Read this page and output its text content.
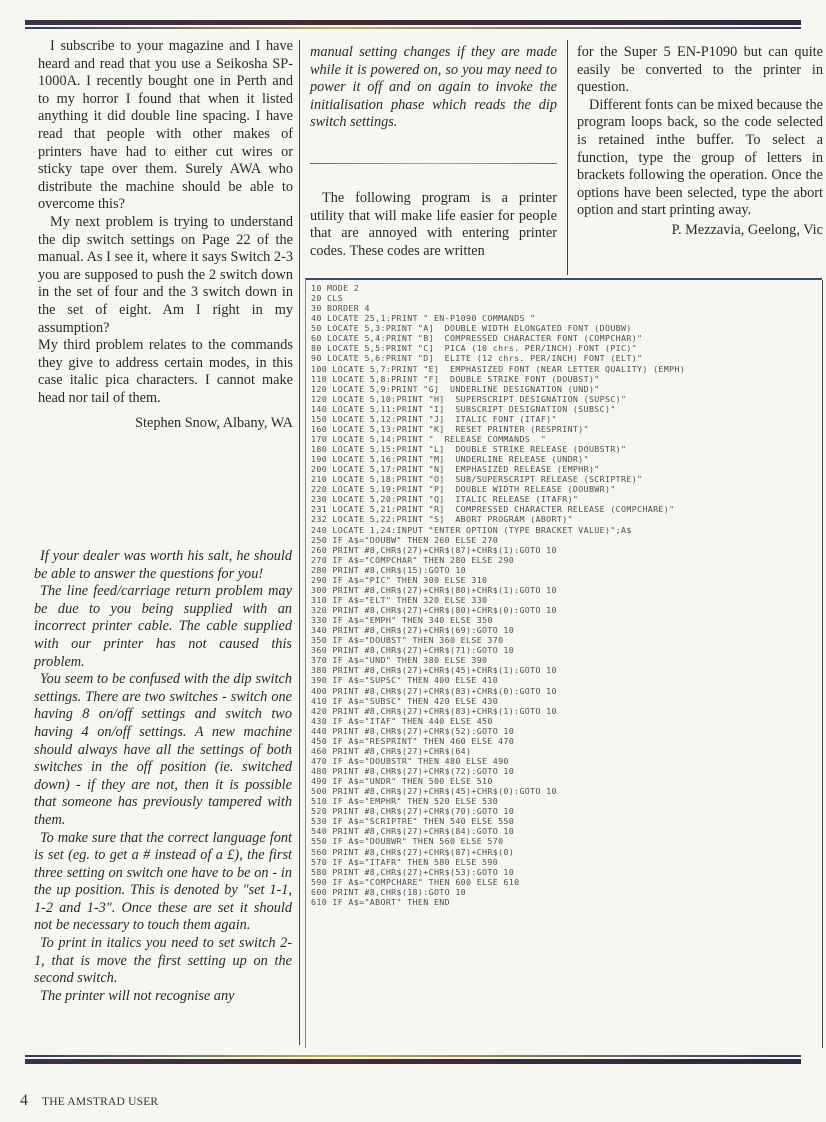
I subscribe to your magazine and I have heard and read that you use a Seikosha SP-1000A. I recently bought one in Perth and to my horror I found that when it listed anything it did double line spacing. I have read that people with other makes of printers have had to either cut wires or sticky tape over them. Surely AWA who distribute the machine should be able to overcome this?

My next problem is trying to understand the dip switch settings on Page 22 of the manual. As I see it, where it says Switch 2-3 you are supposed to push the 2 switch down in the set of four and the 3 switch down in the set of eight. Am I right in my assumption?

My third problem relates to the commands they give to address certain modes, in this case italic pica characters. I cannot make head nor tail of them.

Stephen Snow, Albany, WA

If your dealer was worth his salt, he should be able to answer the questions for you!

The line feed/carriage return problem may be due to you being supplied with an incorrect printer cable. The cable supplied with our printer has not caused this problem.

You seem to be confused with the dip switch settings. There are two switches - switch one having 8 on/off settings and switch two having 4 on/off settings. A new machine should always have all the settings of both switches in the off position (ie. switched down) - if they are not, then it is possible that someone has previously tampered with them.

To make sure that the correct language font is set (eg. to get a # instead of a £), the first three setting on switch one have to be on - in the up position. This is denoted by "set 1-1, 1-2 and 1-3". Once these are set it should not be necessary to touch them again.

To print in italics you need to set switch 2-1, that is move the first setting up on the second switch.

The printer will not recognise any

manual setting changes if they are made while it is powered on, so you may need to power it off and on again to invoke the initialisation phase which reads the dip switch settings.

The following program is a printer utility that will make life easier for people that are annoyed with entering printer codes. These codes are written

for the Super 5 EN-P1090 but can quite easily be converted to the printer in question.

Different fonts can be mixed because the program loops back, so the code selected is retained inthe buffer. To select a function, type the group of letters in brackets following the operation. Once the options have been selected, type the abort option and start printing away.

P. Mezzavia, Geelong, Vic

10 MODE 2
20 CLS
30 BORDER 4
40 LOCATE 25,1:PRINT " EN-P1090 COMMANDS "
50 LOCATE 5,3:PRINT "A]  DOUBLE WIDTH ELONGATED FONT (DOUBW)
60 LOCATE 5,4:PRINT "B]  COMPRESSED CHARACTER FONT (COMPCHAR)"
80 LOCATE 5,5:PRINT "C]  PICA (10 chrs. PER/INCH) FONT (PIC)"
90 LOCATE 5,6:PRINT "D]  ELITE (12 chrs. PER/INCH) FONT (ELT)"
100 LOCATE 5,7:PRINT "E]  EMPHASIZED FONT (NEAR LETTER QUALITY) (EMPH)
110 LOCATE 5,8:PRINT "F]  DOUBLE STRIKE FONT (DOUBST)"
120 LOCATE 5,9:PRINT "G]  UNDERLINE DESIGNATION (UND)"
120 LOCATE 5,10:PRINT "H]  SUPERSCRIPT DESIGNATION (SUPSC)"
140 LOCATE 5,11:PRINT "I]  SUBSCRIPT DESIGNATION (SUBSC)"
150 LOCATE 5,12:PRINT "J]  ITALIC FONT (ITAF)"
160 LOCATE 5,13:PRINT "K]  RESET PRINTER (RESPRINT)"
170 LOCATE 5,14:PRINT "  RELEASE COMMANDS  "
180 LOCATE 5,15:PRINT "L]  DOUBLE STRIKE RELEASE (DOUBSTR)"
190 LOCATE 5,16:PRINT "M]  UNDERLINE RELEASE (UNDR)"
200 LOCATE 5,17:PRINT "N]  EMPHASIZED RELEASE (EMPHR)"
210 LOCATE 5,18:PRINT "O]  SUB/SUPERSCRIPT RELEASE (SCRIPTRE)"
220 LOCATE 5,19:PRINT "P]  DOUBLE WIDTH RELEASE (DOUBWR)"
230 LOCATE 5,20:PRINT "Q]  ITALIC RELEASE (ITAFR)"
231 LOCATE 5,21:PRINT "R]  COMPRESSED CHARACTER RELEASE (COMPCHARE)"
232 LOCATE 5,22:PRINT "S]  ABORT PROGRAM (ABORT)"
240 LOCATE 1,24:INPUT "ENTER OPTION (TYPE BRACKET VALUE)";A$
250 IF A$="DOUBW" THEN 260 ELSE 270
260 PRINT #8,CHR$(27)+CHR$(87)+CHR$(1):GOTO 10
270 IF A$="COMPCHAR" THEN 280 ELSE 290
280 PRINT #8,CHR$(15):GOTO 10
290 IF A$="PIC" THEN 300 ELSE 310
300 PRINT #8,CHR$(27)+CHR$(80)+CHR$(1):GOTO 10
310 IF A$="ELT" THEN 320 ELSE 330
320 PRINT #8,CHR$(27)+CHR$(80)+CHR$(0):GOTO 10
330 IF A$="EMPH" THEN 340 ELSE 350
340 PRINT #8,CHR$(27)+CHR$(69):GOTO 10
350 IF A$="DOUBST" THEN 360 ELSE 370
360 PRINT #8,CHR$(27)+CHR$(71):GOTO 10
370 IF A$="UND" THEN 380 ELSE 390
380 PRINT #8,CHR$(27)+CHR$(45)+CHR$(1):GOTO 10
390 IF A$="SUPSC" THEN 400 ELSE 410
400 PRINT #8,CHR$(27)+CHR$(83)+CHR$(0):GOTO 10
410 IF A$="SUBSC" THEN 420 ELSE 430
420 PRINT #8,CHR$(27)+CHR$(83)+CHR$(1):GOTO 10
430 IF A$="ITAF" THEN 440 ELSE 450
440 PRINT #8,CHR$(27)+CHR$(52):GOTO 10
450 IF A$="RESPRINT" THEN 460 ELSE 470
460 PRINT #8,CHR$(27)+CHR$(64)
470 IF A$="DOUBSTR" THEN 480 ELSE 490
480 PRINT #8,CHR$(27)+CHR$(72):GOTO 10
490 IF A$="UNDR" THEN 500 ELSE 510
500 PRINT #8,CHR$(27)+CHR$(45)+CHR$(0):GOTO 10
510 IF A$="EMPHR" THEN 520 ELSE 530
520 PRINT #8,CHR$(27)+CHR$(70):GOTO 10
530 IF A$="SCRIPTRE" THEN 540 ELSE 550
540 PRINT #8,CHR$(27)+CHR$(84):GOTO 10
550 IF A$="DOUBWR" THEN 560 ELSE 570
560 PRINT #8,CHR$(27)+CHR$(87)+CHR$(0)
570 IF A$="ITAFR" THEN 580 ELSE 590
580 PRINT #8,CHR$(27)+CHR$(53):GOTO 10
590 IF A$="COMPCHARE" THEN 600 ELSE 610
600 PRINT #8,CHR$(18):GOTO 10
610 IF A$="ABORT" THEN END
4 THE AMSTRAD USER
